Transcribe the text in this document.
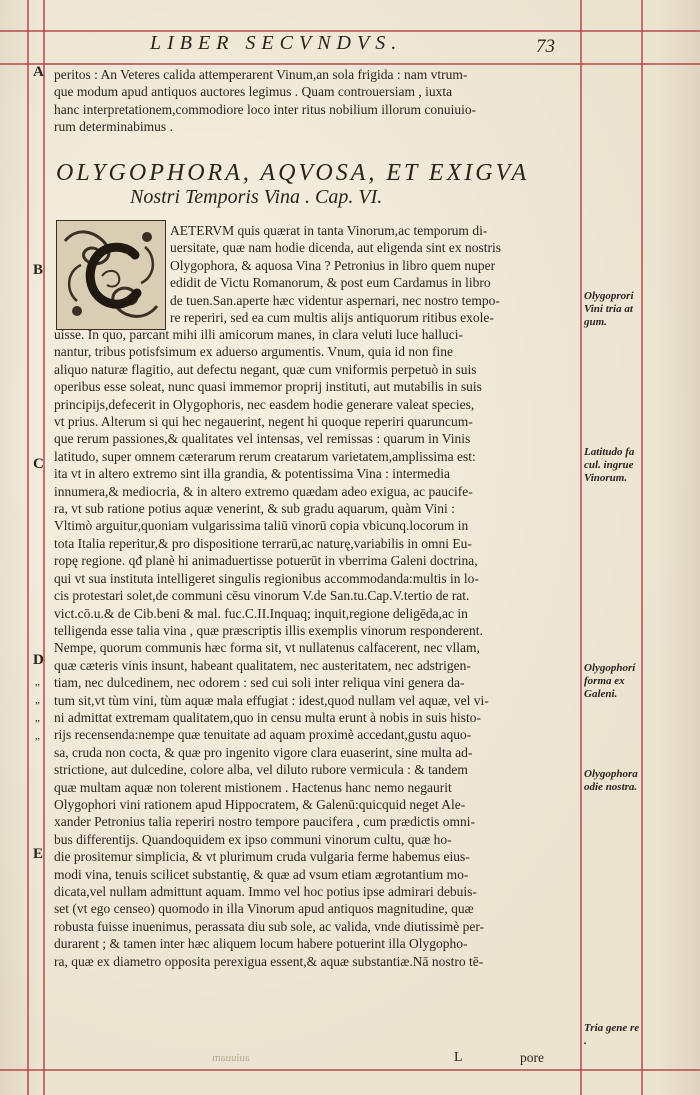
LIBER SECVNDVS.	73
A
B
C
D
E
„
„
„
„

peritos : An Veteres calida attemperarent Vinum,an sola frigida : nam vtrum-

que modum apud antiquos auctores legimus . Quam controuersiam , iuxta

hanc interpretationem,commodiore loco inter ritus nobilium illorum conuiuio-

rum determinabimus .

OLYGOPHORA, AQVOSA, ET EXIGVA
Nostri Temporis Vina . Cap. VI.

AETERVM quis quærat in tanta Vinorum,ac temporum di-

uersitate, quæ nam hodie dicenda, aut eligenda sint ex nostris

Olygophora, & aquosa Vina ? Petronius in libro quem nuper

edidit de Victu Romanorum, & post eum Cardamus in libro

de tuen.San.aperte hæc videntur aspernari, nec nostro tempo-

re reperiri, sed ea cum multis alijs antiquorum ritibus exole-

uisse. In quo, parcant mihi illi amicorum manes, in clara veluti luce halluci-

nantur, tribus potisfsimum ex aduerso argumentis. Vnum, quia id non fine

aliquo naturæ flagitio, aut defectu negant, quæ cum vniformis perpetuò in suis

operibus esse soleat, nunc quasi immemor proprij instituti, aut mutabilis in suis

principijs,defecerit in Olygophoris, nec easdem hodie generare valeat species,

vt prius. Alterum si qui hec negauerint, negent hi quoque reperiri quaruncum-

que rerum passiones,& qualitates vel intensas, vel remissas : quarum in Vinis

latitudo, super omnem cæterarum rerum creatarum varietatem,amplissima est:

ita vt in altero extremo sint illa grandia, & potentissima Vina : intermedia

innumera,& mediocria, & in altero extremo quædam adeo exigua, ac paucife-

ra, vt sub ratione potius aquæ venerint, & sub gradu aquarum, quàm Vini :

Vltimò arguitur,quoniam vulgarissima taliū vinorū copia vbicunq.locorum in

tota Italia reperitur,& pro dispositione terrarū,ac naturę,variabilis in omni Eu-

ropę regione. qđ planè hi animaduertisse potuerūt in vberrima Galeni doctrina,

qui vt sua instituta intelligeret singulis regionibus accommodanda:multis in lo-

cis protestari solet,de communi cēsu vinorum V.de San.tu.Cap.V.tertio de rat.

vict.cō.u.& de Cib.beni & mal. fuc.C.II.Inquaq; inquit,regione deligēda,ac in

telligenda esse talia vina , quæ præscriptis illis exemplis vinorum responderent.

Nempe, quorum communis hæc forma sit, vt nullatenus calfacerent, nec vllam,

quæ cæteris vinis insunt, habeant qualitatem, nec austeritatem, nec adstrigen-

tiam, nec dulcedinem, nec odorem : sed cui soli inter reliqua vini genera da-

tum sit,vt tùm vini, tùm aquæ mala effugiat : idest,quod nullam vel aquæ, vel vi-

ni admittat extremam qualitatem,quo in censu multa erunt à nobis in suis histo-

rijs recensenda:nempe quæ tenuitate ad aquam proximè accedant,gustu aquo-

sa, cruda non cocta, & quæ pro ingenito vigore clara euaserint, sine multa ad-

strictione, aut dulcedine, colore alba, vel diluto rubore vermicula : & tandem

quæ multam aquæ non tolerent mistionem . Hactenus hanc nemo negaurit

Olygophori vini rationem apud Hippocratem, & Galenū:quicquid neget Ale-

xander Petronius talia reperiri nostro tempore paucifera , cum prædictis omni-

bus differentijs. Quandoquidem ex ipso communi vinorum cultu, quæ ho-

die prositemur simplicia, & vt plurimum cruda vulgaria ferme habemus eius-

modi vina, tenuis scilicet substantię, & quæ ad vsum etiam ægrotantium mo-

dicata,vel nullam admittunt aquam. Immo vel hoc potius ipse admirari debuis-

set (vt ego censeo) quomodo in illa Vinorum apud antiquos magnitudine, quæ

robusta fuisse inuenimus, perassata diu sub sole, ac valida, vnde diutissimè per-

durarent ; & tamen inter hæc aliquem locum habere potuerint illa Olygopho-

ra, quæ ex diametro opposita perexigua essent,& aquæ substantiæ.Nā nostro tē-

auiuuam	L	pore
Olygoprori Vini tria at gum.
Latitudo fa cul. ingrue Vinorum.
Olygophorí forma ex Galeni.
Olygophora odie nostra.
Tria gene re .
